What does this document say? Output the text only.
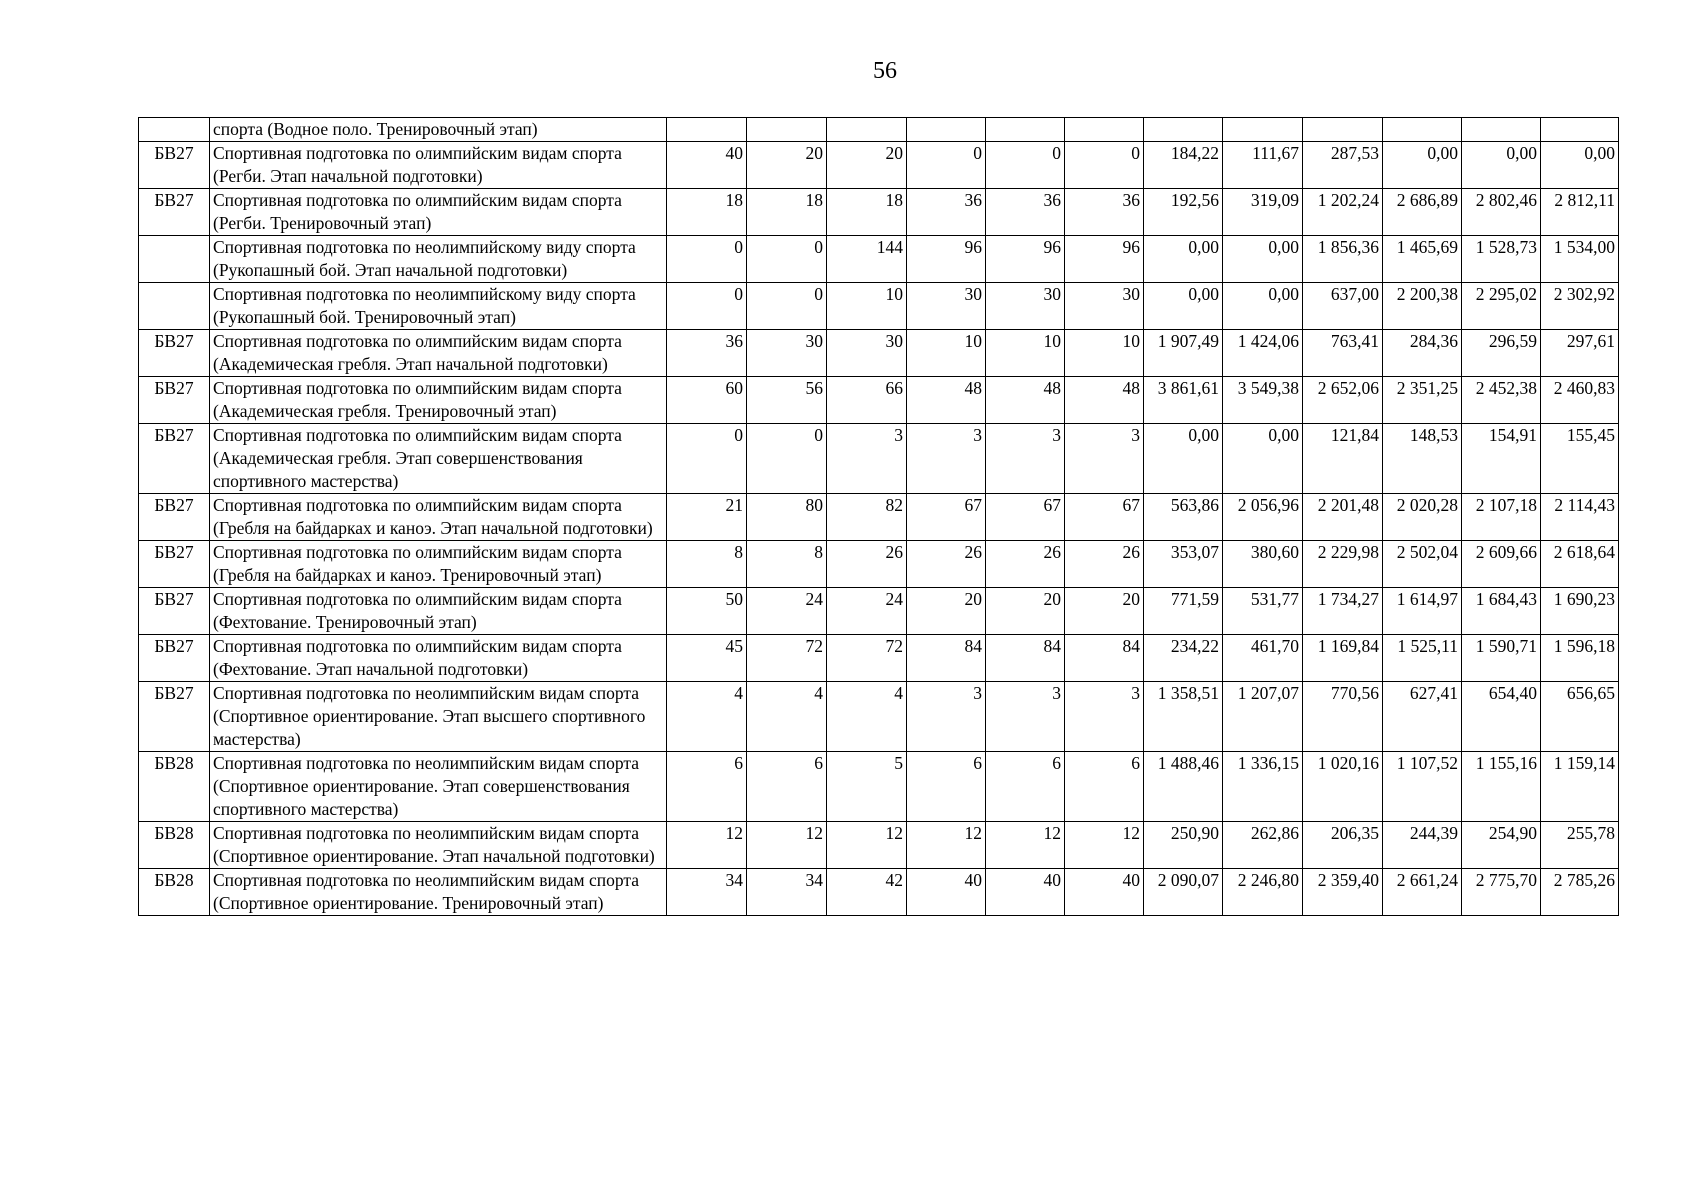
56
	спорта (Водное поло. Тренировочный этап)												
БВ27	Спортивная подготовка по олимпийским видам спорта (Регби. Этап начальной подготовки)	40	20	20	0	0	0	184,22	111,67	287,53	0,00	0,00	0,00
БВ27	Спортивная подготовка по олимпийским видам спорта (Регби. Тренировочный этап)	18	18	18	36	36	36	192,56	319,09	1 202,24	2 686,89	2 802,46	2 812,11
	Спортивная подготовка по неолимпийскому виду спорта (Рукопашный бой. Этап начальной подготовки)	0	0	144	96	96	96	0,00	0,00	1 856,36	1 465,69	1 528,73	1 534,00
	Спортивная подготовка по неолимпийскому виду спорта (Рукопашный бой. Тренировочный этап)	0	0	10	30	30	30	0,00	0,00	637,00	2 200,38	2 295,02	2 302,92
БВ27	Спортивная подготовка по олимпийским видам спорта (Академическая гребля. Этап начальной подготовки)	36	30	30	10	10	10	1 907,49	1 424,06	763,41	284,36	296,59	297,61
БВ27	Спортивная подготовка по олимпийским видам спорта (Академическая гребля. Тренировочный этап)	60	56	66	48	48	48	3 861,61	3 549,38	2 652,06	2 351,25	2 452,38	2 460,83
БВ27	Спортивная подготовка по олимпийским видам спорта (Академическая гребля. Этап совершенствования спортивного мастерства)	0	0	3	3	3	3	0,00	0,00	121,84	148,53	154,91	155,45
БВ27	Спортивная подготовка по олимпийским видам спорта (Гребля на байдарках и каноэ. Этап начальной подготовки)	21	80	82	67	67	67	563,86	2 056,96	2 201,48	2 020,28	2 107,18	2 114,43
БВ27	Спортивная подготовка по олимпийским видам спорта (Гребля на байдарках и каноэ. Тренировочный этап)	8	8	26	26	26	26	353,07	380,60	2 229,98	2 502,04	2 609,66	2 618,64
БВ27	Спортивная подготовка по олимпийским видам спорта (Фехтование. Тренировочный этап)	50	24	24	20	20	20	771,59	531,77	1 734,27	1 614,97	1 684,43	1 690,23
БВ27	Спортивная подготовка по олимпийским видам спорта (Фехтование. Этап начальной подготовки)	45	72	72	84	84	84	234,22	461,70	1 169,84	1 525,11	1 590,71	1 596,18
БВ27	Спортивная подготовка по неолимпийским видам спорта (Спортивное ориентирование. Этап высшего спортивного мастерства)	4	4	4	3	3	3	1 358,51	1 207,07	770,56	627,41	654,40	656,65
БВ28	Спортивная подготовка по неолимпийским видам спорта (Спортивное ориентирование. Этап совершенствования спортивного мастерства)	6	6	5	6	6	6	1 488,46	1 336,15	1 020,16	1 107,52	1 155,16	1 159,14
БВ28	Спортивная подготовка по неолимпийским видам спорта (Спортивное ориентирование. Этап начальной подготовки)	12	12	12	12	12	12	250,90	262,86	206,35	244,39	254,90	255,78
БВ28	Спортивная подготовка по неолимпийским видам спорта (Спортивное ориентирование. Тренировочный этап)	34	34	42	40	40	40	2 090,07	2 246,80	2 359,40	2 661,24	2 775,70	2 785,26
